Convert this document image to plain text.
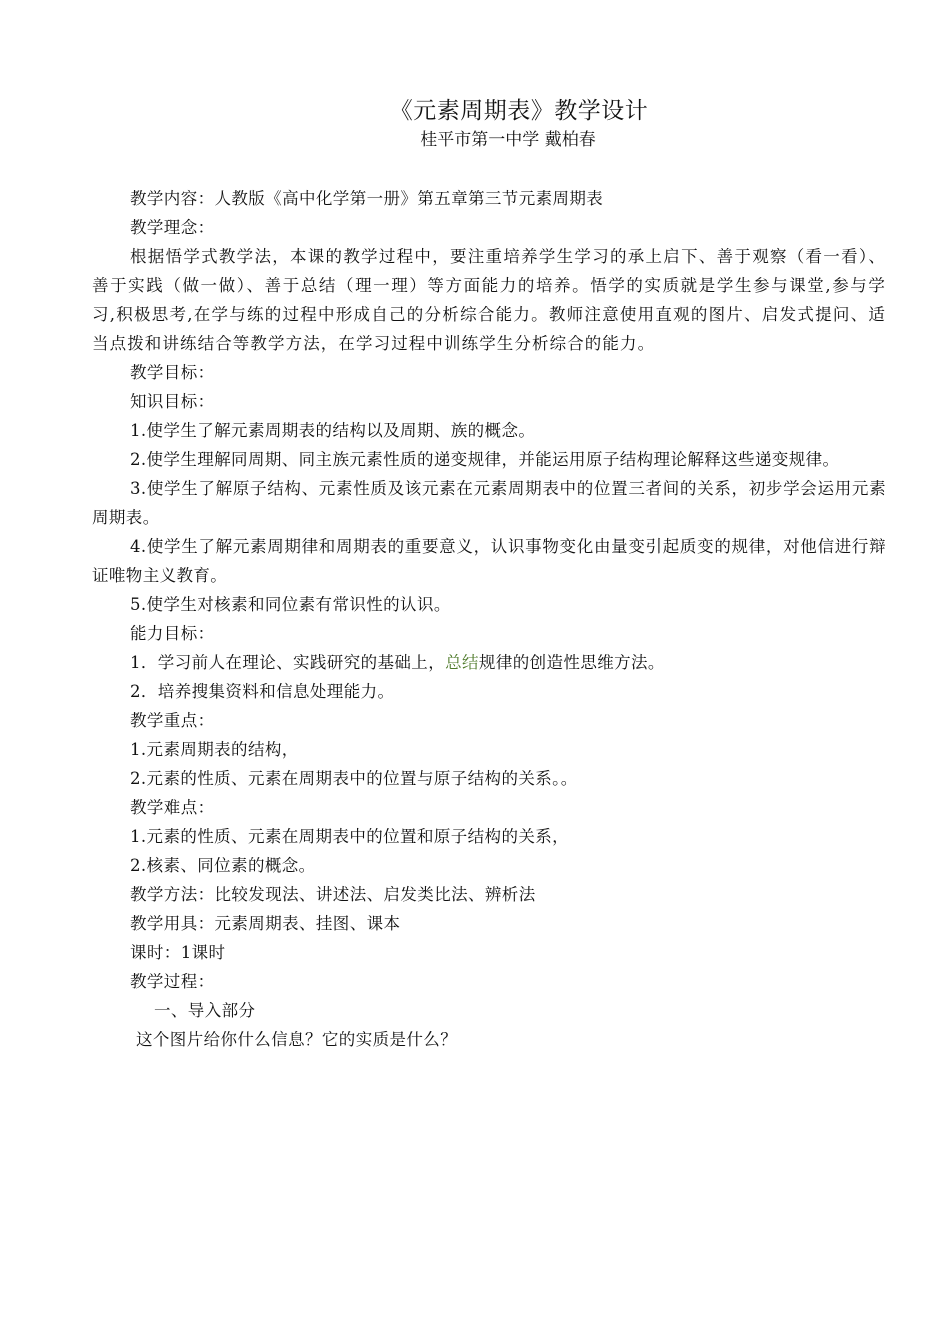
《元素周期表》教学设计
桂平市第一中学 戴柏春

教学内容：人教版《高中化学第一册》第五章第三节元素周期表

教学理念：

根据悟学式教学法，本课的教学过程中，要注重培养学生学习的承上启下、善于观察（看一看）、善于实践（做一做）、善于总结（理一理）等方面能力的培养。悟学的实质就是学生参与课堂,参与学习,积极思考,在学与练的过程中形成自己的分析综合能力。教师注意使用直观的图片、启发式提问、适当点拨和讲练结合等教学方法，在学习过程中训练学生分析综合的能力。

教学目标：

知识目标：

1.使学生了解元素周期表的结构以及周期、族的概念。

2.使学生理解同周期、同主族元素性质的递变规律，并能运用原子结构理论解释这些递变规律。

3.使学生了解原子结构、元素性质及该元素在元素周期表中的位置三者间的关系，初步学会运用元素周期表。

4.使学生了解元素周期律和周期表的重要意义，认识事物变化由量变引起质变的规律，对他信进行辩证唯物主义教育。

5.使学生对核素和同位素有常识性的认识。

能力目标：

1．学习前人在理论、实践研究的基础上，总结规律的创造性思维方法。

2．培养搜集资料和信息处理能力。

教学重点：

1.元素周期表的结构，

2.元素的性质、元素在周期表中的位置与原子结构的关系。。

教学难点：

1.元素的性质、元素在周期表中的位置和原子结构的关系，

2.核素、同位素的概念。

教学方法：比较发现法、讲述法、启发类比法、辨析法

教学用具：元素周期表、挂图、课本

课时：1课时

教学过程：

一、导入部分

这个图片给你什么信息？它的实质是什么？
